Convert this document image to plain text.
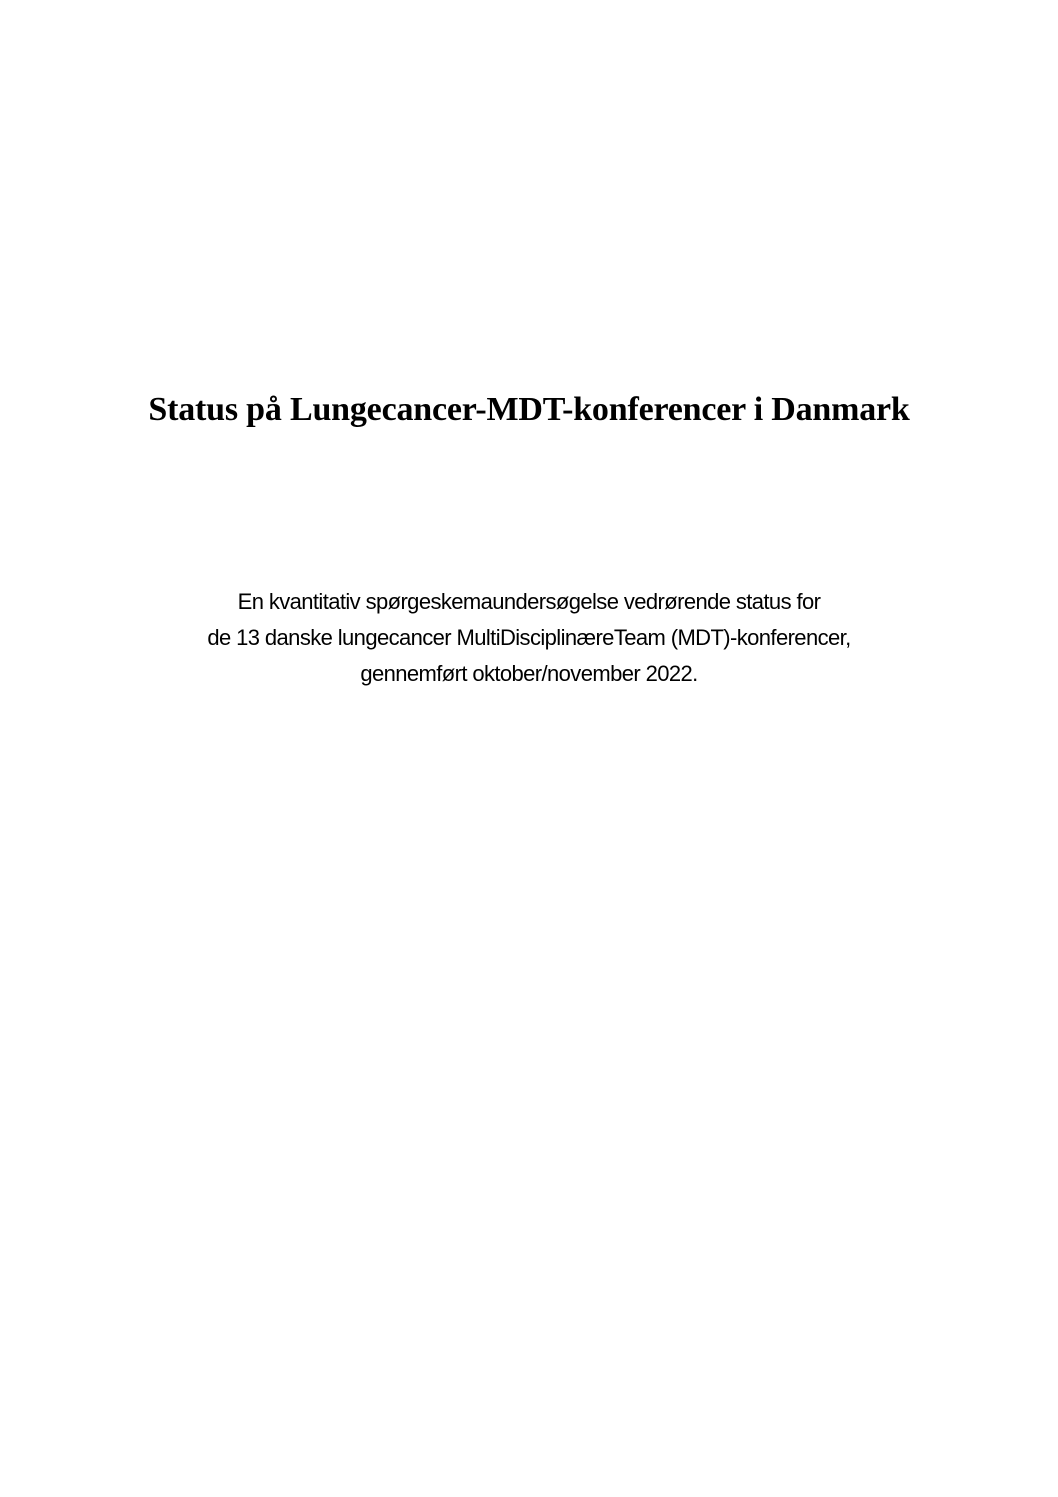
Status på Lungecancer-MDT-konferencer i Danmark
En kvantitativ spørgeskemaundersøgelse vedrørende status for
de 13 danske lungecancer MultiDisciplinæreTeam (MDT)-konferencer,
gennemført oktober/november 2022.
